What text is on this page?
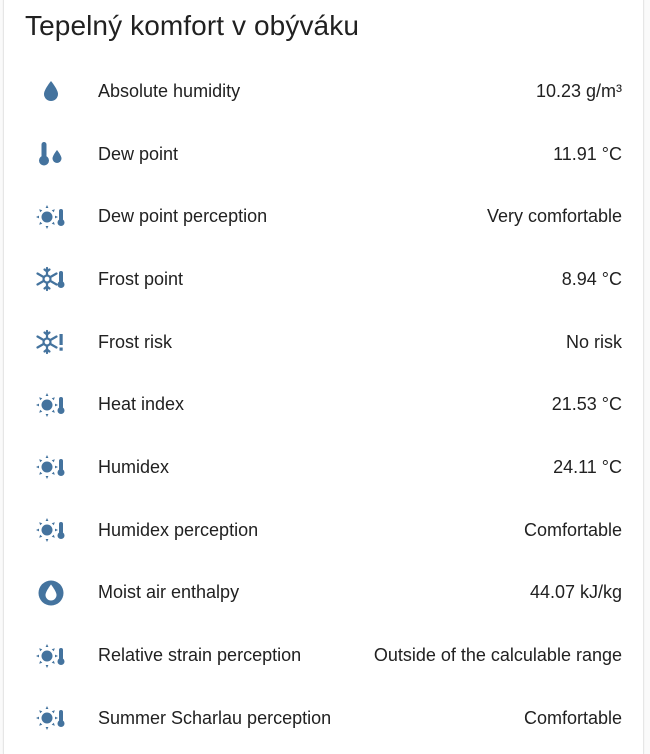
Tepelný komfort v obýváku
Absolute humidity	10.23 g/m³
Dew point	11.91 °C
Dew point perception	Very comfortable
Frost point	8.94 °C
Frost risk	No risk
Heat index	21.53 °C
Humidex	24.11 °C
Humidex perception	Comfortable
Moist air enthalpy	44.07 kJ/kg
Relative strain perception	Outside of the calculable range
Summer Scharlau perception	Comfortable
